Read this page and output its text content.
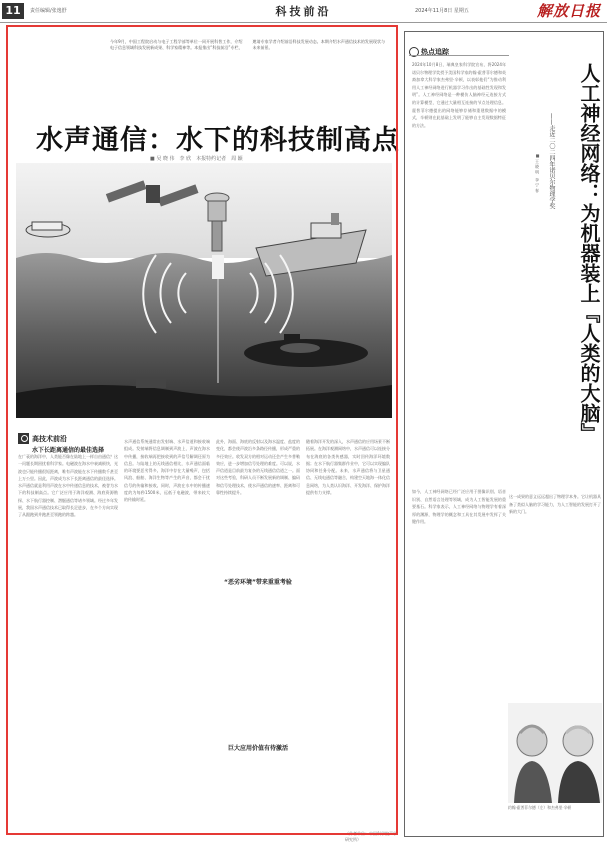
11	责任编辑/张逸舒	科技前沿	2024年11月8日 星期五	解放日报
今年9月，中国工程院启动与电子工程学部等单位一同开展科普工作，介绍电子信息领域科技发展新成果、科学家精神等。本报推出“科技前沿”专栏，邀请专家学者介绍前沿科技发展动态。本期介绍水声通信技术的发展现状与未来前景。
水声通信：水下的科技制高点
■ 吴 晓 伟　李 欣　本报特约记者　周 颖
高技术前沿
水下长距离通信的最佳选择
在广袤的海洋中，人类能否像在陆地上一样自由通信？这一问题长期困扰着科学家。电磁波在海水中衰减极快，光波也只能传播很短距离，唯有声波能在水下传播数千甚至上万公里。因此，声波成为水下长距离通信的最佳选择。水声通信就是利用声波在水中传递信息的技术，被誉为水下的科技制高点。它广泛应用于海洋观测、海底资源勘探、水下航行器控制、潜艇通信等诸多领域。经过多年发展，我国水声通信技术已取得长足进步，在多个方向实现了从跟跑到并跑甚至领跑的跨越。
水声通信系统通常由发射端、水声信道和接收端组成。发射端将信息调制到声波上，声波在海水中传播，接收端再把接收到的声信号解调还原为信息。与陆地上的无线通信相比，水声通信面临的环境要恶劣得多。海洋中存在大量噪声，包括风浪、船舶、海洋生物等产生的声音，都会干扰信号的传输和接收。同时，声波在水中的传播速度约为每秒1500米，远低于电磁波，带来较大的传输时延。
此外，海面、海底的反射以及海水温度、盐度的变化，都会使声波沿多条路径传播，形成严重的多径效应。收发双方的相对运动还会产生多普勒效应，进一步增加信号处理的难度。可以说，水声信道是目前最为复杂的无线通信信道之一。面对这些考验，科研人员不断发展新的调制、编码和信号处理技术，使水声通信的速率、距离和可靠性持续提升。
随着海洋开发的深入，水声通信的应用场景不断拓展。在海洋观测网络中，水声通信可以连接分布在海底的各类传感器，实时回传海洋环境数据；在水下航行器集群作业中，它可以实现编队协同和任务分配。未来，水声通信将与卫星通信、无线电通信等融合，构建空天地海一体化信息网络，为人类认识海洋、开发海洋、保护海洋提供有力支撑。
“恶劣环境”带来重重考验
巨大应用价值有待激活
（作者单位：中国科学院声学研究所）
热点追踪
2024年10月8日，瑞典皇家科学院宣布，将2024年诺贝尔物理学奖授予美国科学家约翰·霍普菲尔德和英裔加拿大科学家杰弗里·辛顿，以表彰他们“为推动利用人工神经网络进行机器学习作出的基础性发现和发明”。人工神经网络是一种模仿人脑神经元连接方式的计算模型，它通过大量相互连接的节点处理信息。霍普菲尔德提出的网络能够存储和重建数据中的模式，辛顿则在此基础上发明了能够自主发现数据特征的方法。	人工神经网络：为机器装上『人类的大脑』
——走近二〇二四年诺贝尔物理学奖
■ 王 晓 明　李 宁 春
如今，人工神经网络已经广泛应用于图像识别、语音识别、自然语言处理等领域，成为人工智能发展的重要基石。科学家表示，人工神经网络与物理学有着深厚的渊源，物理学的概念和工具在其发展中发挥了关键作用。
这一成果的意义远远超出了物理学本身。它让机器具备了类似人脑的学习能力，为人工智能的发展打开了新的大门。
约翰·霍普菲尔德（左）和杰弗里·辛顿
